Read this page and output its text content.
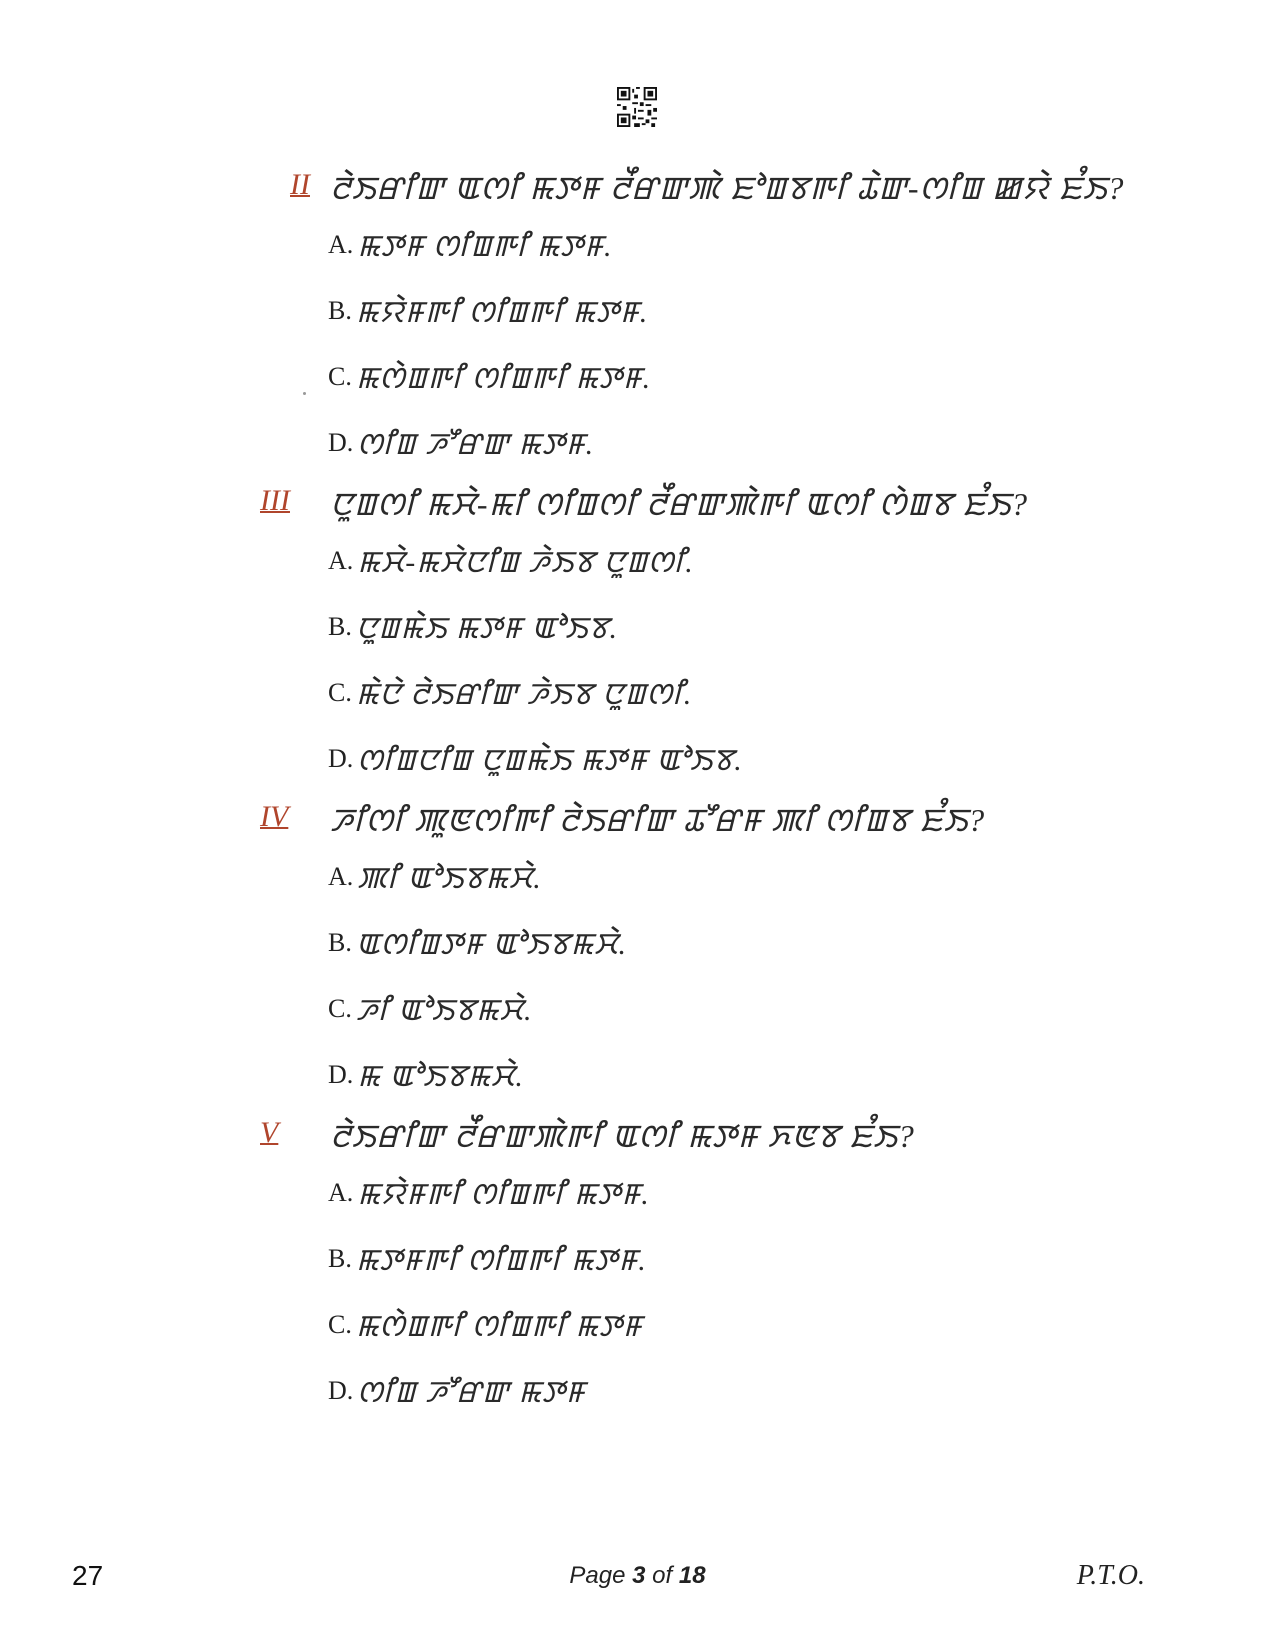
II ꯂꯥꯏꯔꯤꯛ ꯑꯁꯤ ꯃꯇꯝ ꯂꯩꯔꯛꯄꯥ ꯐꯣꯡꯕꯒꯤ ꯊꯥꯛ-ꯁꯤꯡ ꯀꯌꯥ ꯐꯪꯏ?
A. ꯃꯇꯝ ꯁꯤꯡꯒꯤ ꯃꯇꯝ.
B. ꯃꯌꯥꯝꯒꯤ ꯁꯤꯡꯒꯤ ꯃꯇꯝ.
C. ꯃꯁꯥꯡꯒꯤ ꯁꯤꯡꯒꯤ ꯃꯇꯝ.
D. ꯁꯤꯡ ꯍꯧꯔꯛ ꯃꯇꯝ.
III	ꯅꯨꯡꯁꯤ ꯃꯆꯥ-ꯃꯤ ꯁꯤꯡꯁꯤ ꯂꯩꯔꯛꯄꯥꯒꯤ ꯑꯁꯤ ꯁꯥꯡꯕ ꯐꯪꯏ?
A. ꯃꯆꯥ-ꯃꯆꯥꯅꯤꯡ ꯍꯥꯏꯕ ꯅꯨꯡꯁꯤ.
B. ꯅꯨꯡꯃꯥꯏ ꯃꯇꯝ ꯑꯣꯏꯕ.
C. ꯃꯥꯅꯥ ꯂꯥꯏꯔꯤꯛ ꯍꯥꯏꯕ ꯅꯨꯡꯁꯤ.
D. ꯁꯤꯡꯅꯤꯡ ꯅꯨꯡꯃꯥꯏ ꯃꯇꯝ ꯑꯣꯏꯕ.
IV	ꯍꯤꯁꯤ ꯄꯨꯟꯁꯤꯒꯤ ꯂꯥꯏꯔꯤꯛ ꯊꯧꯔꯝ ꯄꯤ ꯁꯤꯡꯕ ꯐꯪꯏ?
A. ꯄꯤ ꯑꯣꯏꯕꯃꯆꯥ.
B. ꯑꯁꯤꯡꯇꯝ ꯑꯣꯏꯕꯃꯆꯥ.
C. ꯍꯤ ꯑꯣꯏꯕꯃꯆꯥ.
D. ꯃ ꯑꯣꯏꯕꯃꯆꯥ.
V	ꯂꯥꯏꯔꯤꯛ ꯂꯩꯔꯛꯄꯥꯒꯤ ꯑꯁꯤ ꯃꯇꯝ ꯈꯟꯕ ꯐꯪꯏ?
A. ꯃꯌꯥꯝꯒꯤ ꯁꯤꯡꯒꯤ ꯃꯇꯝ.
B. ꯃꯇꯝꯒꯤ ꯁꯤꯡꯒꯤ ꯃꯇꯝ.
C. ꯃꯁꯥꯡꯒꯤ ꯁꯤꯡꯒꯤ ꯃꯇꯝ
D. ꯁꯤꯡ ꯍꯧꯔꯛ ꯃꯇꯝ
27	Page 3 of 18	P.T.O.
